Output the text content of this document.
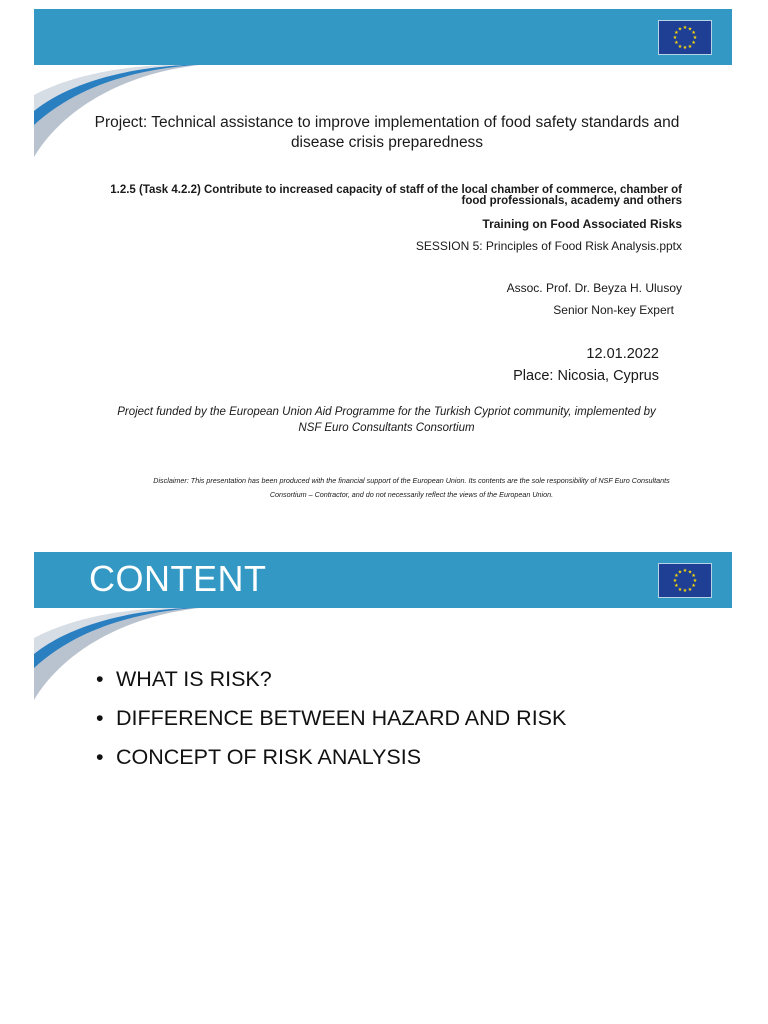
★ ★
★
★
★
★
★
★
★
★
★
★

Project: Technical assistance to improve implementation of food safety standards and disease crisis preparedness

1.2.5 (Task 4.2.2) Contribute to increased capacity of staff of the local chamber of commerce, chamber of food professionals, academy and others

Training on Food Associated Risks

SESSION 5: Principles of Food Risk Analysis.pptx

Assoc. Prof. Dr. Beyza H. Ulusoy

Senior Non-key Expert

12.01.2022

Place: Nicosia, Cyprus

Project funded by the European Union Aid Programme for the Turkish Cypriot community, implemented by NSF Euro Consultants Consortium

Disclaimer: This presentation has been produced with the financial support of the European Union. Its contents are the sole responsibility of NSF Euro Consultants Consortium – Contractor, and do not necessarily reflect the views of the European Union.

CONTENT	★ ★
★
★
★
★
★
★
★
★
★
★
• WHAT IS RISK?
• DIFFERENCE BETWEEN HAZARD AND RISK
• CONCEPT OF RISK ANALYSIS
